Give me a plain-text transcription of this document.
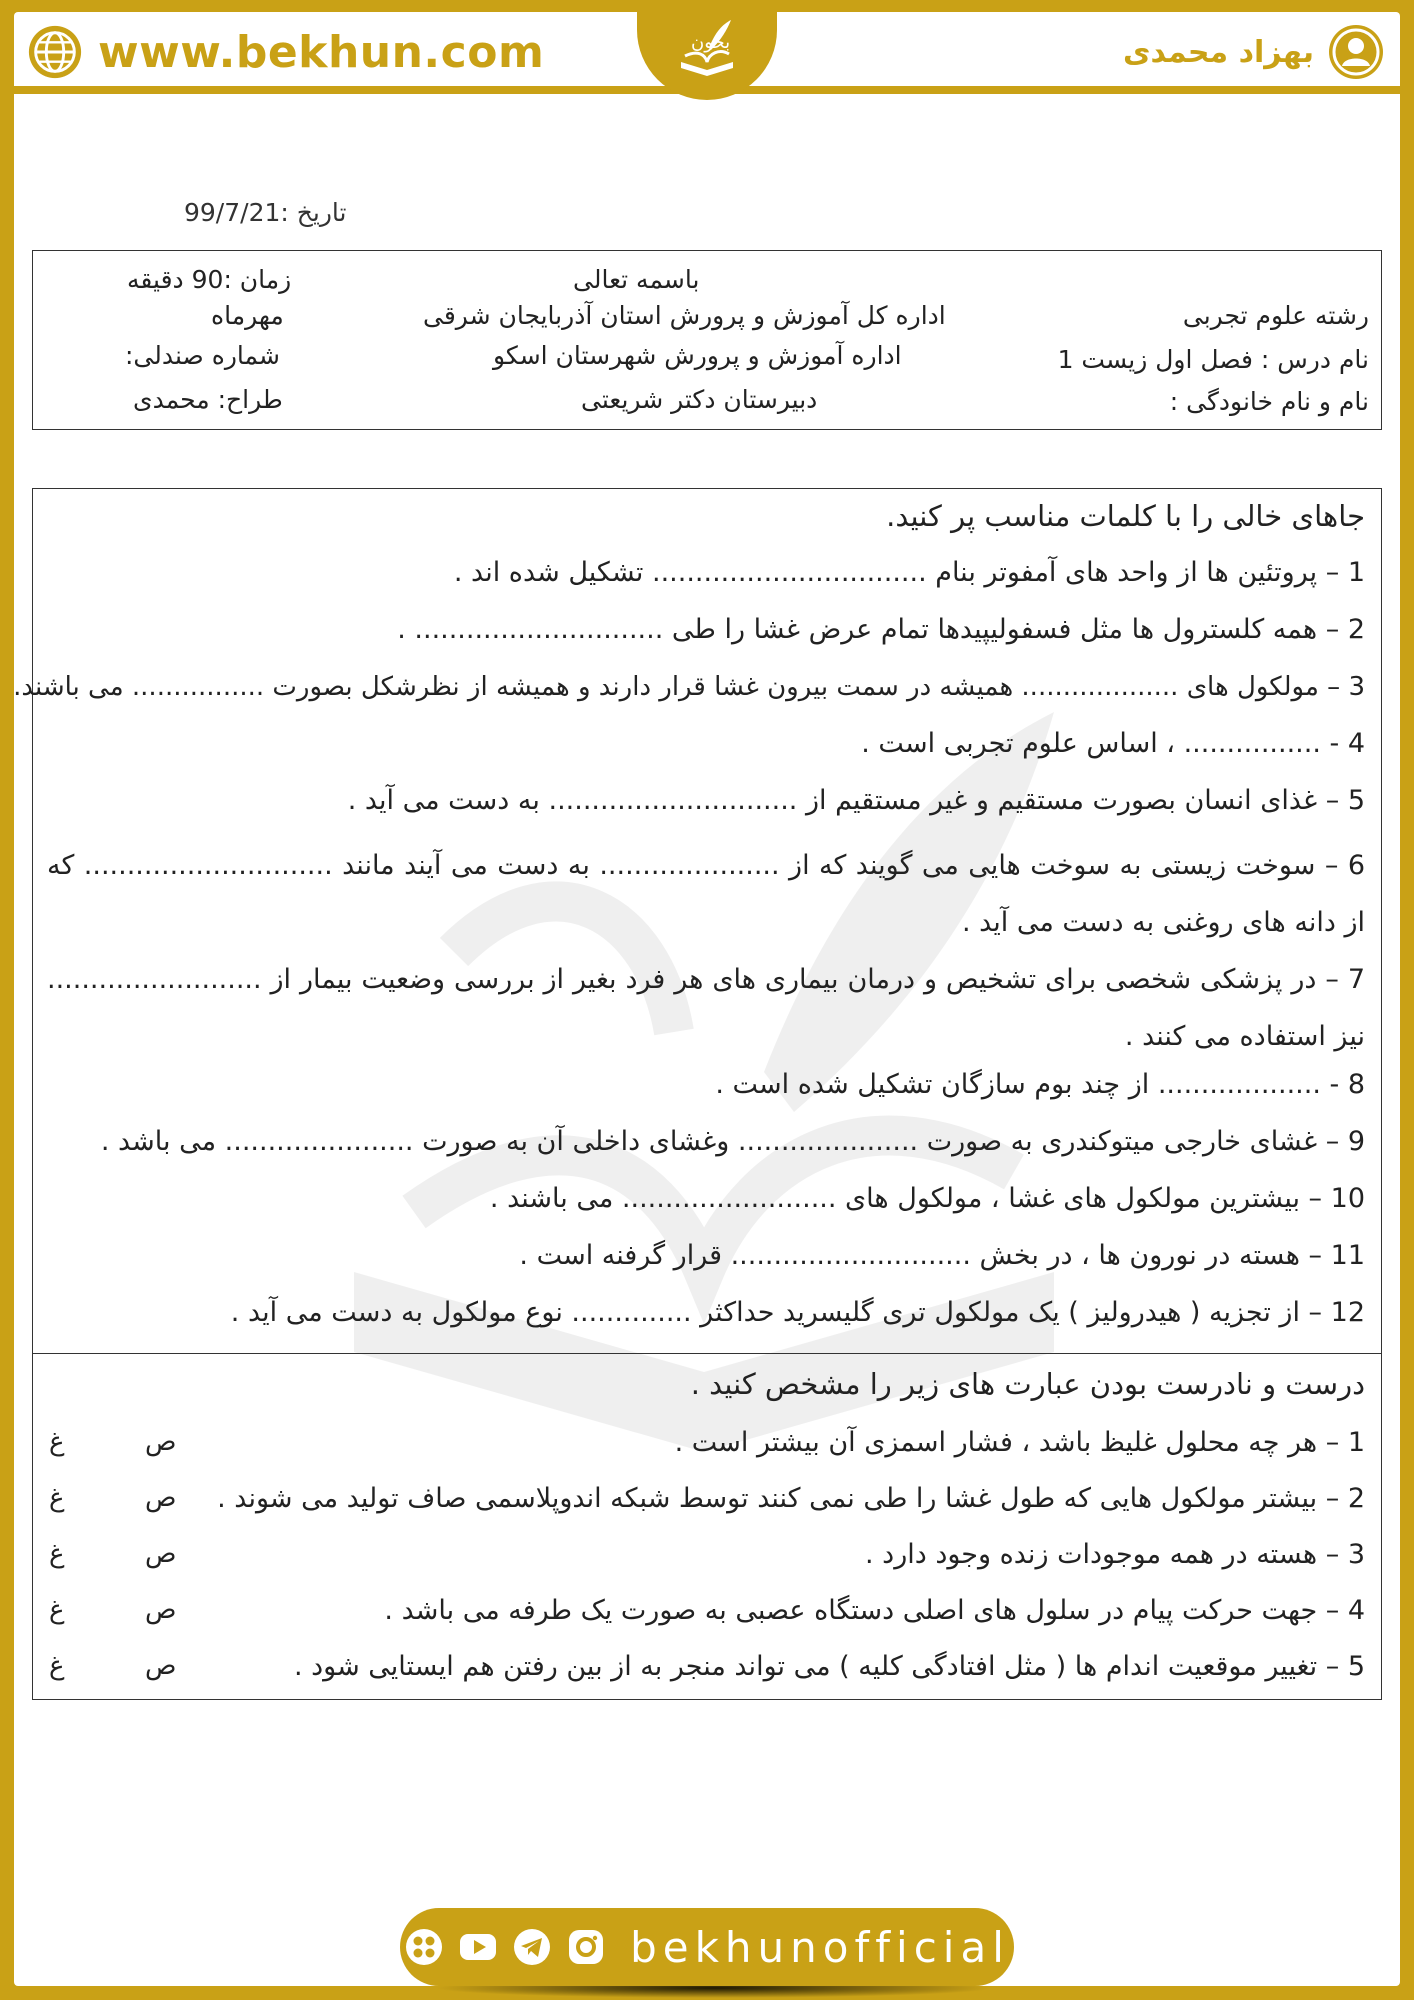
www.bekhun.com	بخون	بهزاد محمدی
تاریخ :99/7/21
باسمه تعالی
زمان :90 دقیقه
رشته علوم تجربی
اداره کل آموزش و پرورش استان آذربایجان شرقی
مهرماه
نام درس : فصل اول زیست 1
اداره آموزش و پرورش شهرستان اسکو
شماره صندلی:
نام و نام خانودگی :
دبیرستان دکتر شریعتی
طراح: محمدی
جاهای خالی را با کلمات مناسب پر کنید.
1 – پروتئین ها از واحد های آمفوتر بنام ................................ تشکیل شده اند .
2 – همه کلسترول ها مثل فسفولیپیدها تمام عرض غشا را طی ............................. .
3 – مولکول های ................... همیشه در سمت بیرون غشا قرار دارند و همیشه از نظرشکل بصورت ................ می باشند.
4 - ................ ، اساس علوم تجربی است .
5 – غذای انسان بصورت مستقیم و غیر مستقیم از ............................. به دست می آید .
6 – سوخت زیستی به سوخت هایی می گویند که از ..................... به دست می آیند مانند ............................. که از دانه های روغنی به دست می آید .
7 – در پزشکی شخصی برای تشخیص و درمان بیماری های هر فرد بغیر از بررسی وضعیت بیمار از ......................... نیز استفاده می کنند .
8 - ................... از چند بوم سازگان تشکیل شده است .
9 – غشای خارجی میتوکندری به صورت ..................... وغشای داخلی آن به صورت ...................... می باشد .
10 – بیشترین مولکول های غشا ، مولکول های ......................... می باشند .
11 – هسته در نورون ها ، در بخش ............................ قرار گرفنه است .
12 – از تجزیه ( هیدرولیز ) یک مولکول تری گلیسرید حداکثر .............. نوع مولکول به دست می آید .
درست و نادرست بودن عبارت های زیر را مشخص کنید .
1 – هر چه محلول غلیظ باشد ، فشار اسمزی آن بیشتر است .
ص
غ
2 – بیشتر مولکول هایی که طول غشا را طی نمی کنند توسط شبکه اندوپلاسمی صاف تولید می شوند .
ص
غ
3 – هسته در همه موجودات زنده وجود دارد .
ص
غ
4 – جهت حرکت پیام در سلول های اصلی دستگاه عصبی به صورت یک طرفه می باشد .
ص
غ
5 – تغییر موقعیت اندام ها ( مثل افتادگی کلیه ) می تواند منجر به از بین رفتن هم ایستایی شود .
ص
غ
bekhunofficial
